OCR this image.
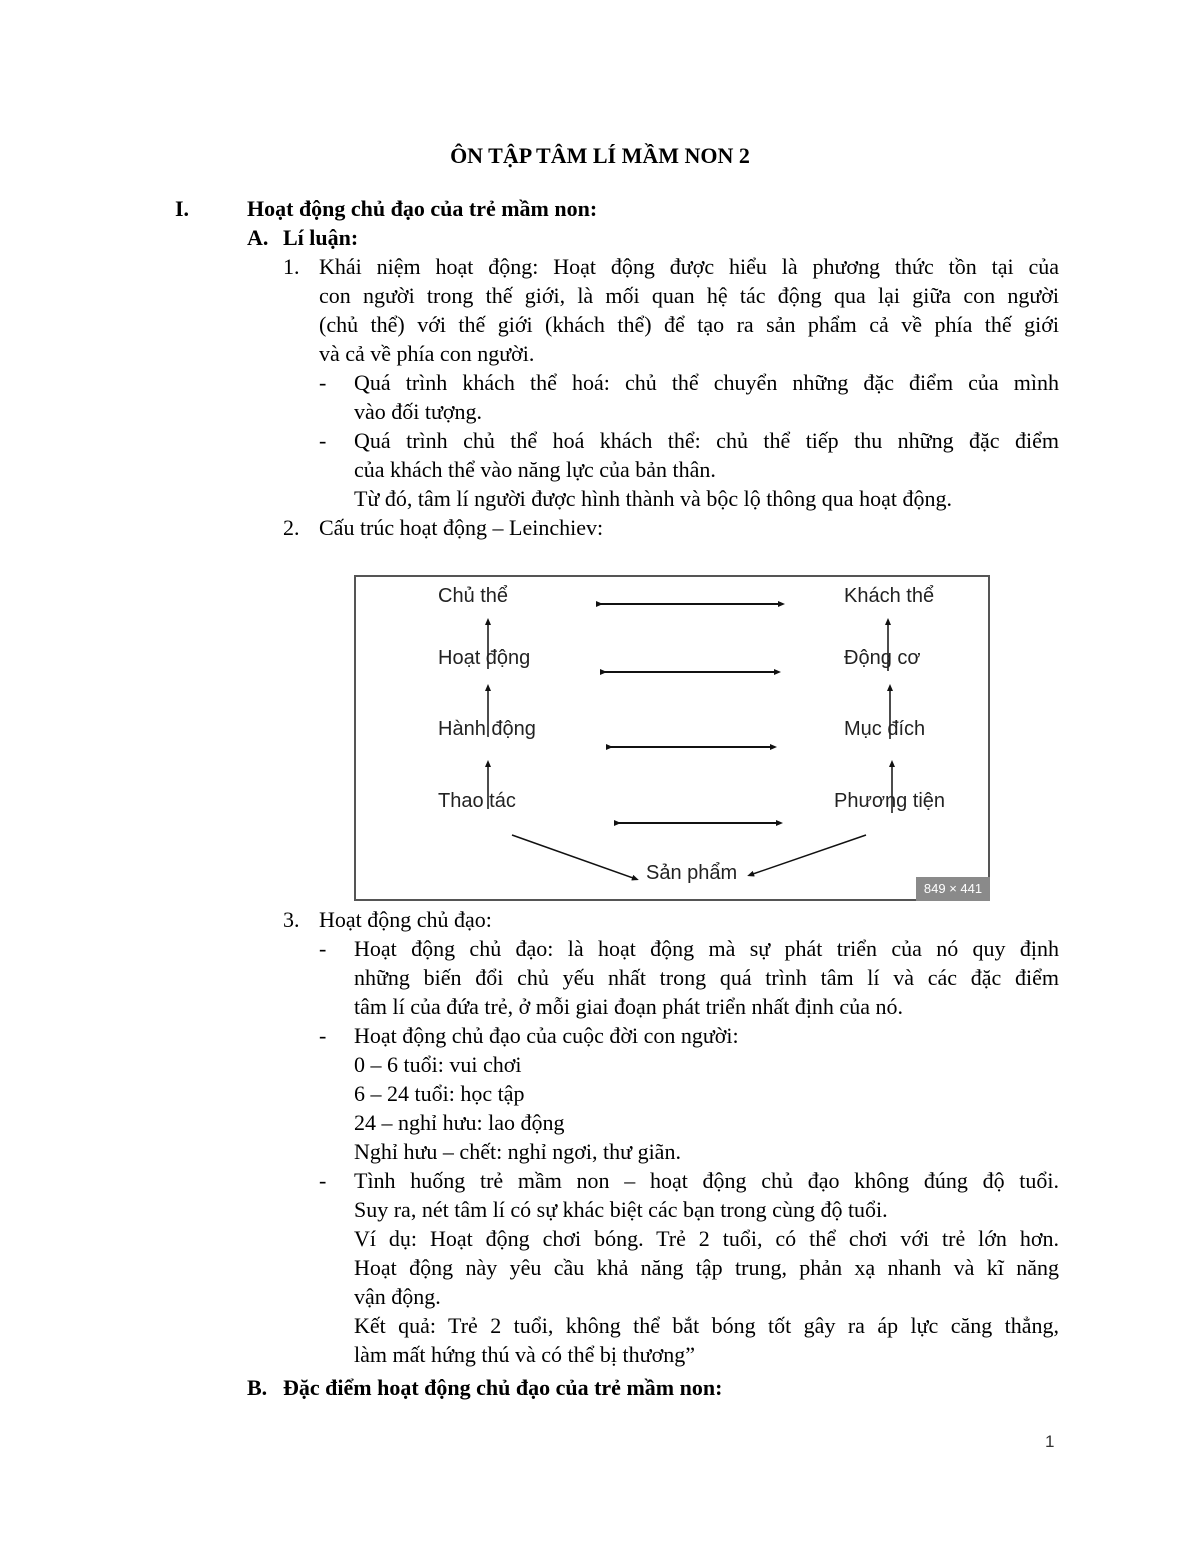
ÔN TẬP TÂM LÍ MẦM NON 2
I.	Hoạt động chủ đạo của trẻ mầm non:
A. Lí luận:
1. Khái niệm hoạt động: Hoạt động được hiểu là phương thức tồn tại của
con người trong thế giới, là mối quan hệ tác động qua lại giữa con người
(chủ thể) với thế giới (khách thể) để tạo ra sản phẩm cả về phía thế giới
và cả về phía con người.
- Quá trình khách thể hoá: chủ thể chuyển những đặc điểm của mình
vào đối tượng.
- Quá trình chủ thể hoá khách thể: chủ thể tiếp thu những đặc điểm
của khách thể vào năng lực của bản thân.
Từ đó, tâm lí người được hình thành và bộc lộ thông qua hoạt động.
2. Cấu trúc hoạt động – Leinchiev:
Chủ thể
Hoạt động
Hành động
Thao tác
Khách thể
Động cơ
Mục đích
Phương tiện
Sản phẩm
849 × 441
3. Hoạt động chủ đạo:
- Hoạt động chủ đạo: là hoạt động mà sự phát triển của nó quy định
những biến đổi chủ yếu nhất trong quá trình tâm lí và các đặc điểm
tâm lí của đứa trẻ, ở mỗi giai đoạn phát triển nhất định của nó.
- Hoạt động chủ đạo của cuộc đời con người:
0 – 6 tuổi: vui chơi
6 – 24 tuổi: học tập
24 – nghỉ hưu: lao động
Nghỉ hưu – chết: nghỉ ngơi, thư giãn.
- Tình huống trẻ mầm non – hoạt động chủ đạo không đúng độ tuổi.
Suy ra, nét tâm lí có sự khác biệt các bạn trong cùng độ tuổi.
Ví dụ: Hoạt động chơi bóng. Trẻ 2 tuổi, có thể chơi với trẻ lớn hơn.
Hoạt động này yêu cầu khả năng tập trung, phản xạ nhanh và kĩ năng
vận động.
Kết quả: Trẻ 2 tuổi, không thể bắt bóng tốt gây ra áp lực căng thẳng,
làm mất hứng thú và có thể bị thương”
B. Đặc điểm hoạt động chủ đạo của trẻ mầm non:
1
